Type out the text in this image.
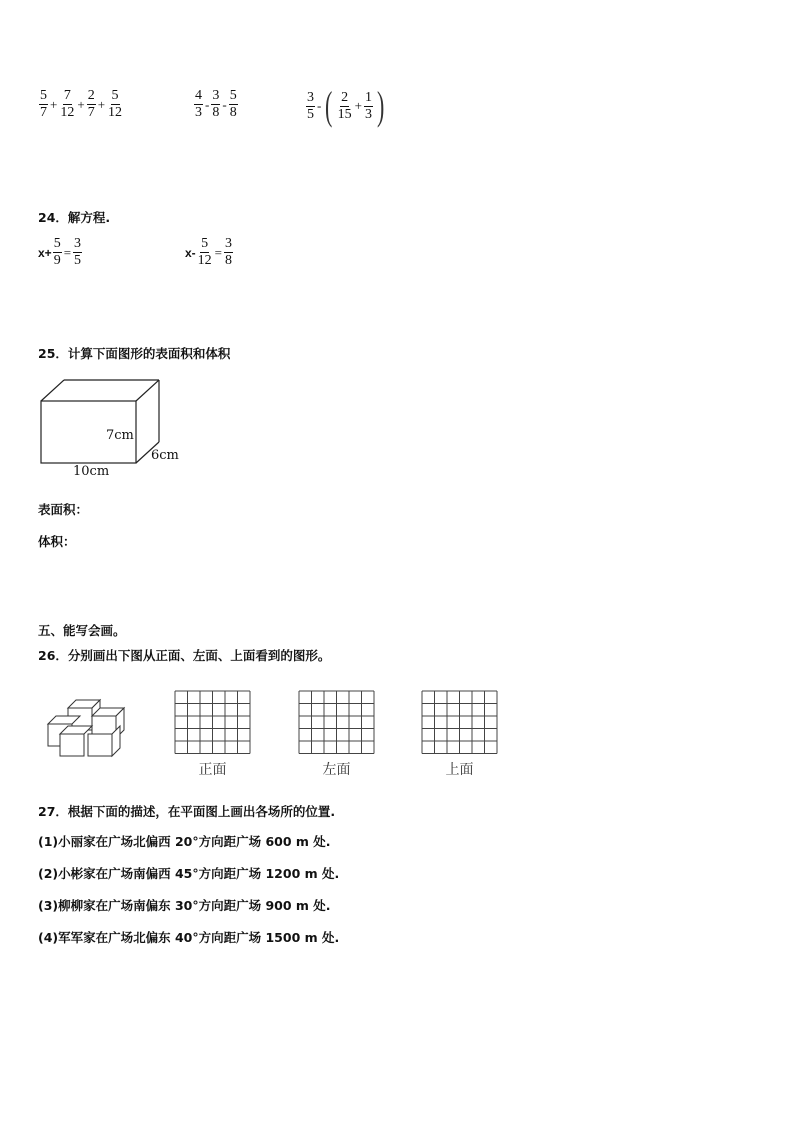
$\frac{5}{7} + \frac{7}{12} + \frac{2}{7} + \frac{5}{12}$	$\frac{4}{3} - \frac{3}{8} - \frac{5}{8}$	$\frac{3}{5}$ - ( $\frac{2}{15} + \frac{1}{3}$ )
24．解方程.
$x+ \frac{5}{9} = \frac{3}{5}$	$x- \frac{5}{12} = \frac{3}{8}$
25．计算下面图形的表面积和体积
7cm
6cm
10cm
表面积：
体积：
五、能写会画。
26．分别画出下图从正面、左面、上面看到的图形。
正面	左面	上面
27．根据下面的描述，在平面图上画出各场所的位置.
(1)小丽家在广场北偏西 20°方向距广场 600 m 处.
(2)小彬家在广场南偏西 45°方向距广场 1200 m 处.
(3)柳柳家在广场南偏东 30°方向距广场 900 m 处.
(4)军军家在广场北偏东 40°方向距广场 1500 m 处.
